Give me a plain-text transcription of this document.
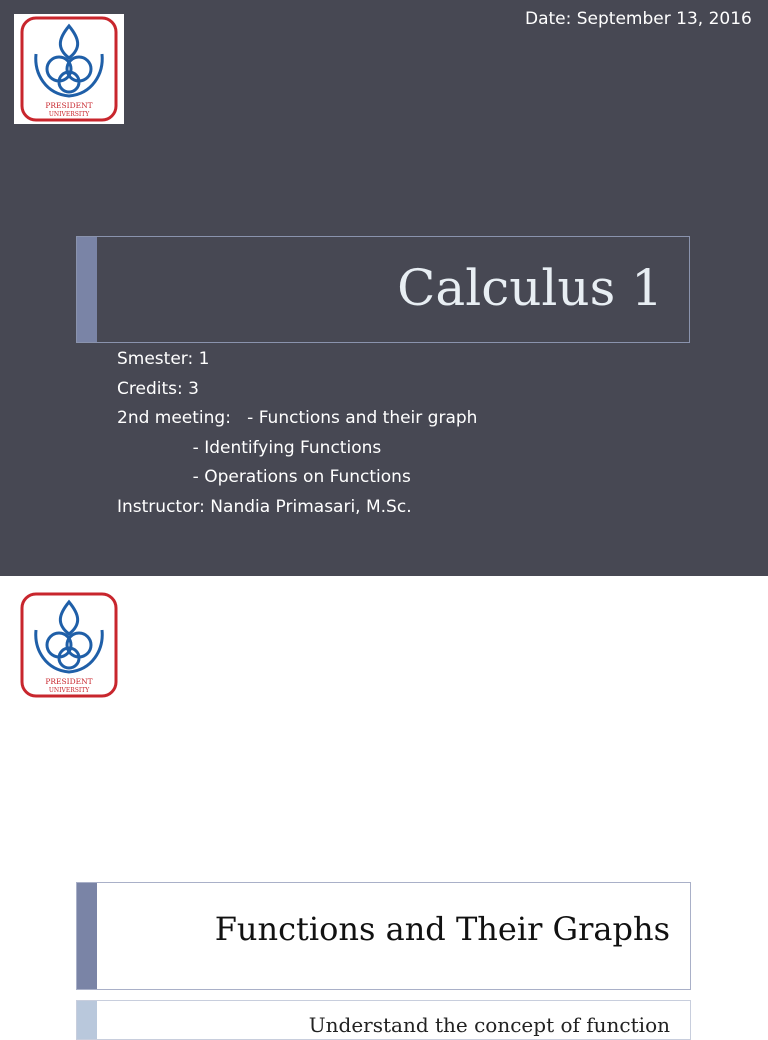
PRESIDENT
UNIVERSITY
Date: September 13, 2016
Calculus 1
Smester: 1
Credits: 3
2nd meeting:   - Functions and their graph
- Identifying Functions
- Operations on Functions
Instructor: Nandia Primasari, M.Sc.
PRESIDENT
UNIVERSITY
Functions and Their Graphs
Understand the concept of function
